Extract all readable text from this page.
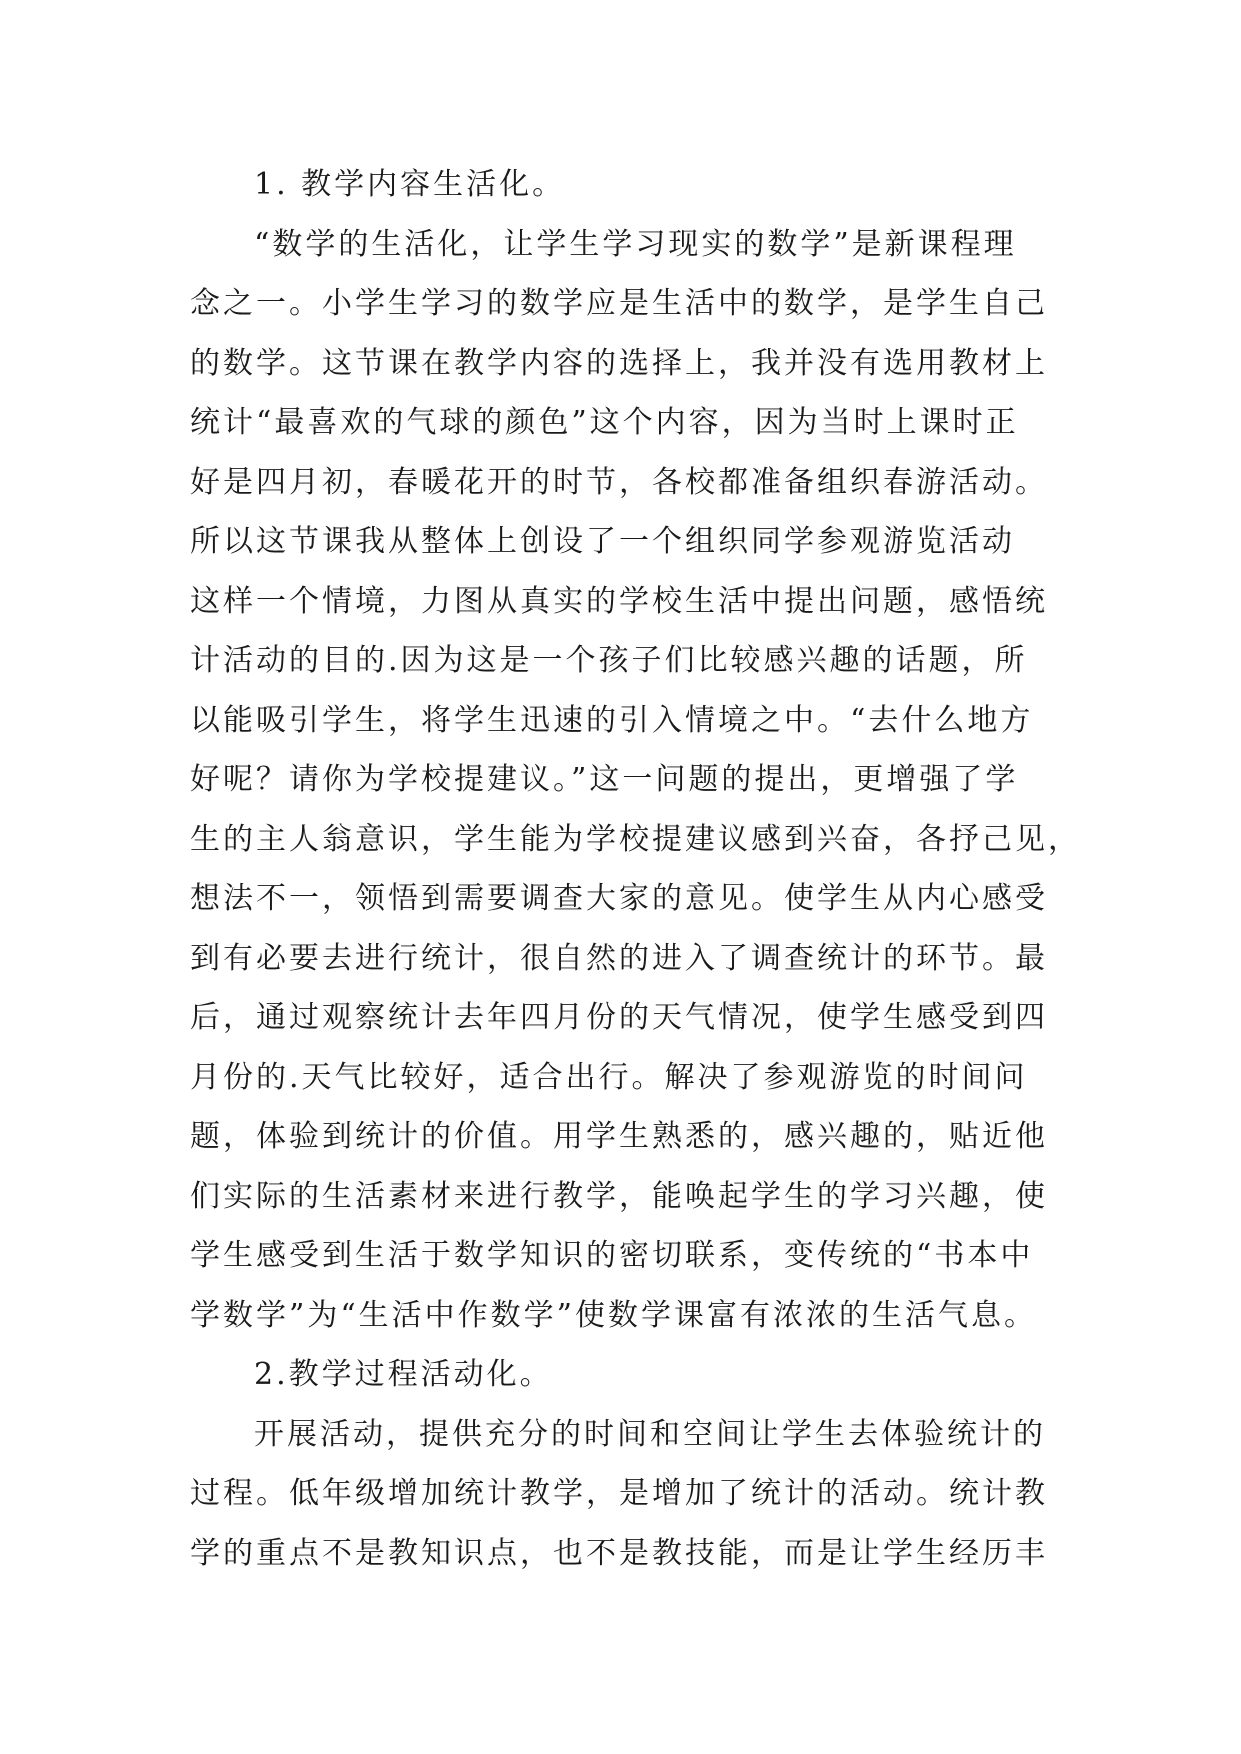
1. 教学内容生活化。
“数学的生活化，让学生学习现实的数学”是新课程理
念之一。小学生学习的数学应是生活中的数学，是学生自己
的数学。这节课在教学内容的选择上，我并没有选用教材上
统计“最喜欢的气球的颜色”这个内容，因为当时上课时正
好是四月初，春暖花开的时节，各校都准备组织春游活动。
所以这节课我从整体上创设了一个组织同学参观游览活动
这样一个情境，力图从真实的学校生活中提出问题，感悟统
计活动的目的.因为这是一个孩子们比较感兴趣的话题，所
以能吸引学生，将学生迅速的引入情境之中。“去什么地方
好呢？请你为学校提建议。”这一问题的提出，更增强了学
生的主人翁意识，学生能为学校提建议感到兴奋，各抒己见，
想法不一，领悟到需要调查大家的意见。使学生从内心感受
到有必要去进行统计，很自然的进入了调查统计的环节。最
后，通过观察统计去年四月份的天气情况，使学生感受到四
月份的.天气比较好，适合出行。解决了参观游览的时间问
题，体验到统计的价值。用学生熟悉的，感兴趣的，贴近他
们实际的生活素材来进行教学，能唤起学生的学习兴趣，使
学生感受到生活于数学知识的密切联系，变传统的“书本中
学数学”为“生活中作数学”使数学课富有浓浓的生活气息。
2.教学过程活动化。
开展活动，提供充分的时间和空间让学生去体验统计的
过程。低年级增加统计教学，是增加了统计的活动。统计教
学的重点不是教知识点，也不是教技能，而是让学生经历丰
